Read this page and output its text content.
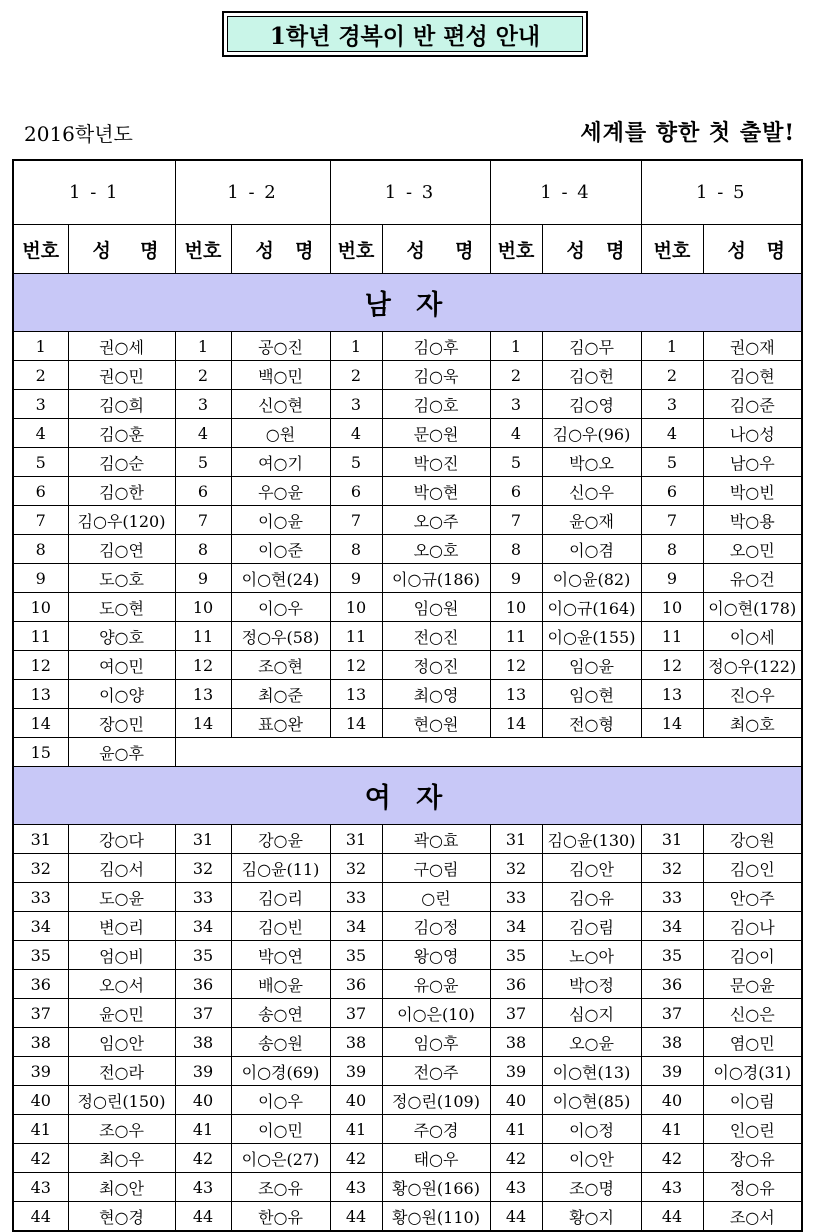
1학년 경복이 반 편성 안내
2016학년도	세계를 향한 첫 출발!
1 - 1		1 - 2		1 - 3		1 - 4		1 - 5	
번호	성 명	번호	성 명	번호	성 명	번호	성 명	번호	성 명

남 자									
1	권○세	1	공○진	1	김○후	1	김○무	1	권○재
2	권○민	2	백○민	2	김○욱	2	김○헌	2	김○현
3	김○희	3	신○현	3	김○호	3	김○영	3	김○준
4	김○훈	4	○원	4	문○원	4	김○우(96)	4	나○성
5	김○순	5	여○기	5	박○진	5	박○오	5	남○우
6	김○한	6	우○윤	6	박○현	6	신○우	6	박○빈
7	김○우(120)	7	이○윤	7	오○주	7	윤○재	7	박○용
8	김○연	8	이○준	8	오○호	8	이○겸	8	오○민
9	도○호	9	이○현(24)	9	이○규(186)	9	이○윤(82)	9	유○건
10	도○현	10	이○우	10	임○원	10	이○규(164)	10	이○현(178)
11	양○호	11	정○우(58)	11	전○진	11	이○윤(155)	11	이○세
12	여○민	12	조○현	12	정○진	12	임○윤	12	정○우(122)
13	이○양	13	최○준	13	최○영	13	임○현	13	진○우
14	장○민	14	표○완	14	현○원	14	전○형	14	최○호
15	윤○후								
여 자									
31	강○다	31	강○윤	31	곽○효	31	김○윤(130)	31	강○원
32	김○서	32	김○윤(11)	32	구○림	32	김○안	32	김○인
33	도○윤	33	김○리	33	○린	33	김○유	33	안○주
34	변○리	34	김○빈	34	김○정	34	김○림	34	김○나
35	엄○비	35	박○연	35	왕○영	35	노○아	35	김○이
36	오○서	36	배○윤	36	유○윤	36	박○정	36	문○윤
37	윤○민	37	송○연	37	이○은(10)	37	심○지	37	신○은
38	임○안	38	송○원	38	임○후	38	오○윤	38	염○민
39	전○라	39	이○경(69)	39	전○주	39	이○현(13)	39	이○경(31)
40	정○린(150)	40	이○우	40	정○린(109)	40	이○현(85)	40	이○림
41	조○우	41	이○민	41	주○경	41	이○정	41	인○린
42	최○우	42	이○은(27)	42	태○우	42	이○안	42	장○유
43	최○안	43	조○유	43	황○원(166)	43	조○명	43	정○유
44	현○경	44	한○유	44	황○원(110)	44	황○지	44	조○서
